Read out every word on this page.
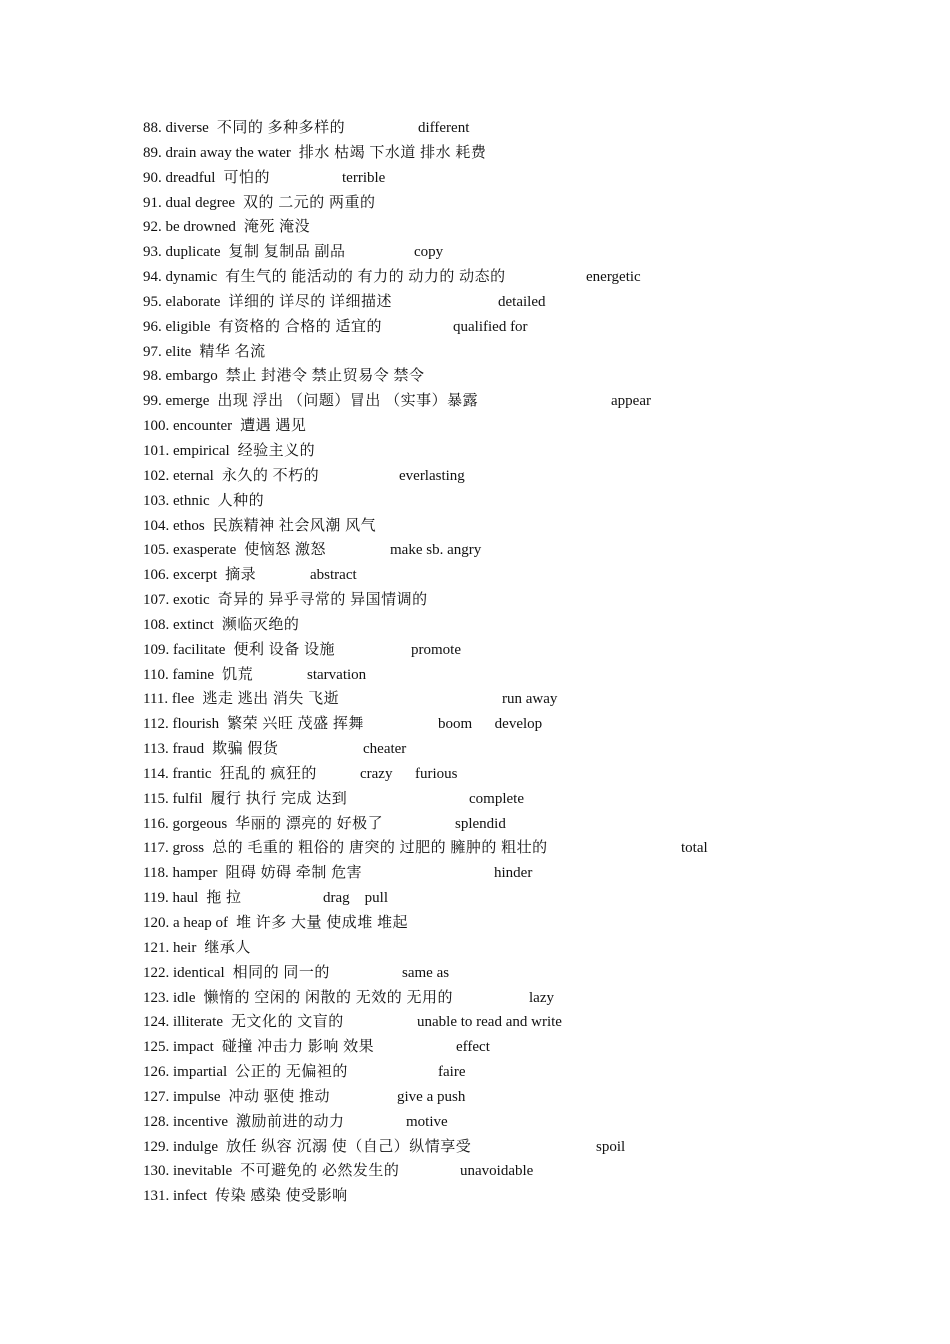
88. diverse 不同的 多种多样的	different
89. drain away the water 排水 枯竭 下水道 排水 耗费
90. dreadful 可怕的	terrible
91. dual degree 双的 二元的 两重的
92. be drowned 淹死 淹没
93. duplicate 复制 复制品 副品	copy
94. dynamic 有生气的 能活动的 有力的 动力的 动态的	energetic
95. elaborate 详细的 详尽的 详细描述	detailed
96. eligible 有资格的 合格的 适宜的	qualified for
97. elite 精华 名流
98. embargo 禁止 封港令 禁止贸易令 禁令
99. emerge 出现 浮出 （问题）冒出 （实事）暴露	appear
100. encounter 遭遇 遇见
101. empirical 经验主义的
102. eternal 永久的 不朽的	everlasting
103. ethnic 人种的
104. ethos 民族精神 社会风潮 风气
105. exasperate 使恼怒 激怒	make sb. angry
106. excerpt 摘录	abstract
107. exotic 奇异的 异乎寻常的 异国情调的
108. extinct 濒临灭绝的
109. facilitate 便利 设备 设施	promote
110. famine 饥荒	starvation
111. flee 逃走 逃出 消失 飞逝	run away
112. flourish 繁荣 兴旺 茂盛 挥舞	boom      develop
113. fraud 欺骗 假货	cheater
114. frantic 狂乱的 疯狂的	crazy      furious
115. fulfil 履行 执行 完成 达到	complete
116. gorgeous 华丽的 漂亮的 好极了	splendid
117. gross 总的 毛重的 粗俗的 唐突的 过肥的 臃肿的 粗壮的	total
118. hamper 阻碍 妨碍 牵制 危害	hinder
119. haul 拖 拉	drag    pull
120. a heap of 堆 许多 大量 使成堆 堆起
121. heir 继承人
122. identical 相同的 同一的	same as
123. idle 懒惰的 空闲的 闲散的 无效的 无用的	lazy
124. illiterate 无文化的 文盲的	unable to read and write
125. impact 碰撞 冲击力 影响 效果	effect
126. impartial 公正的 无偏袒的	faire
127. impulse 冲动 驱使 推动	give a push
128. incentive 激励前进的动力	motive
129. indulge 放任 纵容 沉溺 使（自己）纵情享受	spoil
130. inevitable 不可避免的 必然发生的	unavoidable
131. infect 传染 感染 使受影响
